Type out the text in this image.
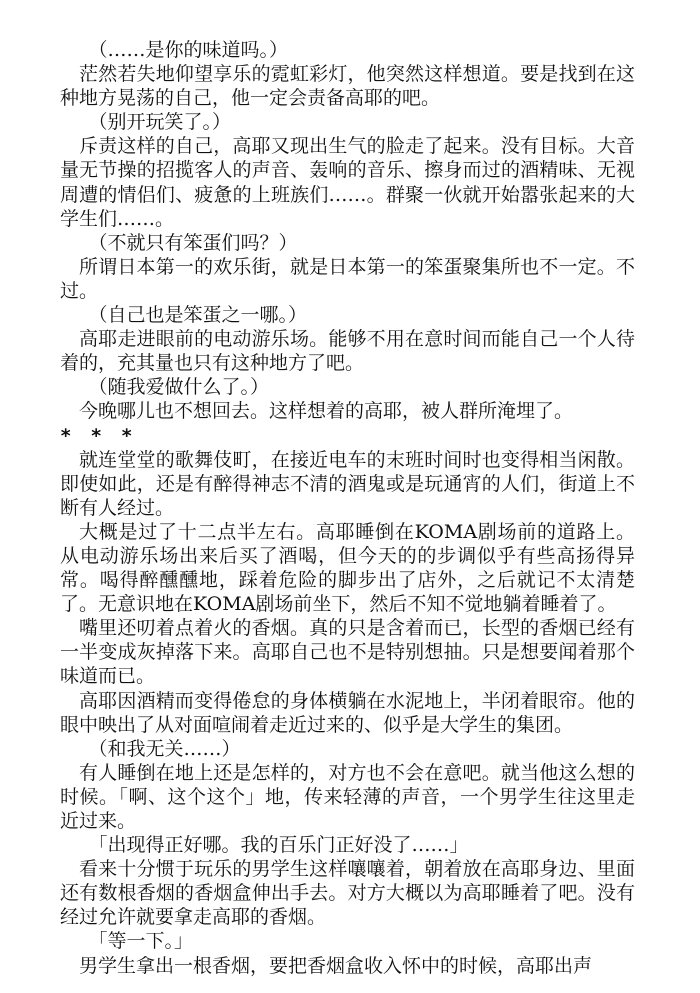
（……是你的味道吗。）

茫然若失地仰望享乐的霓虹彩灯，他突然这样想道。要是找到在这种地方晃荡的自己，他一定会责备高耶的吧。

（别开玩笑了。）

斥责这样的自己，高耶又现出生气的脸走了起来。没有目标。大音量无节操的招揽客人的声音、轰响的音乐、擦身而过的酒精味、无视周遭的情侣们、疲惫的上班族们……。群聚一伙就开始嚣张起来的大学生们……。

（不就只有笨蛋们吗？）

所谓日本第一的欢乐街，就是日本第一的笨蛋聚集所也不一定。不过。

（自己也是笨蛋之一哪。）

高耶走进眼前的电动游乐场。能够不用在意时间而能自己一个人待着的，充其量也只有这种地方了吧。

（随我爱做什么了。）

今晚哪儿也不想回去。这样想着的高耶，被人群所淹埋了。

* * *

就连堂堂的歌舞伎町，在接近电车的末班时间时也变得相当闲散。即使如此，还是有醉得神志不清的酒鬼或是玩通宵的人们，街道上不断有人经过。

大概是过了十二点半左右。高耶睡倒在KOMA剧场前的道路上。从电动游乐场出来后买了酒喝，但今天的的步调似乎有些高扬得异常。喝得醉醺醺地，踩着危险的脚步出了店外，之后就记不太清楚了。无意识地在KOMA剧场前坐下，然后不知不觉地躺着睡着了。

嘴里还叨着点着火的香烟。真的只是含着而已，长型的香烟已经有一半变成灰掉落下来。高耶自己也不是特别想抽。只是想要闻着那个味道而已。

高耶因酒精而变得倦怠的身体横躺在水泥地上，半闭着眼帘。他的眼中映出了从对面喧闹着走近过来的、似乎是大学生的集团。

（和我无关……）

有人睡倒在地上还是怎样的，对方也不会在意吧。就当他这么想的时候。「啊、这个这个」地，传来轻薄的声音，一个男学生往这里走近过来。

「出现得正好哪。我的百乐门正好没了……」

看来十分惯于玩乐的男学生这样嚷嚷着，朝着放在高耶身边、里面还有数根香烟的香烟盒伸出手去。对方大概以为高耶睡着了吧。没有经过允许就要拿走高耶的香烟。

「等一下。」

男学生拿出一根香烟，要把香烟盒收入怀中的时候，高耶出声
